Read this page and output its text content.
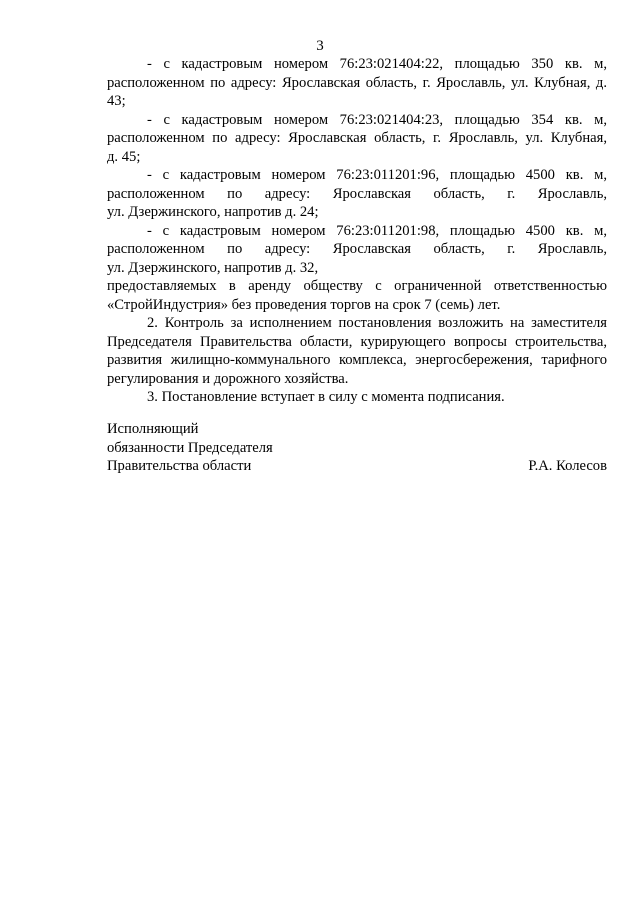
3
- с кадастровым номером 76:23:021404:22, площадью 350 кв. м,
расположенном по адресу: Ярославская область, г. Ярославль, ул. Клубная, д. 43;
- с кадастровым номером 76:23:021404:23, площадью 354 кв. м,
расположенном по адресу: Ярославская область, г. Ярославль, ул. Клубная,
д. 45;
- с кадастровым номером 76:23:011201:96, площадью 4500 кв. м,
расположенном по адресу: Ярославская область, г. Ярославль,
ул. Дзержинского, напротив д. 24;
- с кадастровым номером 76:23:011201:98, площадью 4500 кв. м,
расположенном по адресу: Ярославская область, г. Ярославль,
ул. Дзержинского, напротив д. 32,
предоставляемых в аренду обществу с ограниченной ответственностью
«СтройИндустрия» без проведения торгов на срок 7 (семь) лет.
2. Контроль за исполнением постановления возложить на заместителя
Председателя Правительства области, курирующего вопросы строительства,
развития жилищно-коммунального комплекса, энергосбережения, тарифного
регулирования и дорожного хозяйства.
3. Постановление вступает в силу с момента подписания.
Исполняющий
обязанности Председателя
Правительства области	Р.А. Колесов
